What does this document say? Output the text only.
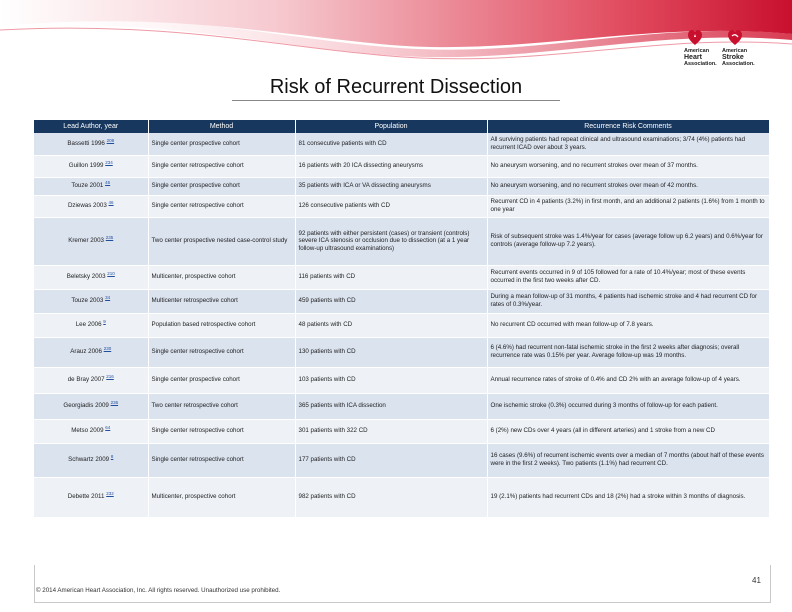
American
Heart
Association.
American
Stroke
Association.
Risk of Recurrent Dissection
Lead Author, year	Method	Population	Recurrence Risk Comments
Bassetti 1996 $^{208}$	Single center prospective cohort	81 consecutive patients with CD	All surviving patients had repeat clinical and ultrasound examinations; 3/74 (4%) patients had recurrent ICAD over about 3 years.
Guillon 1999 $^{234}$	Single center retrospective cohort	16 patients with 20 ICA dissecting aneurysms	No aneurysm worsening, and no recurrent strokes over mean of 37 months.
Touze 2001 $^{45}$	Single center prospective cohort	35 patients with ICA or VA dissecting aneurysms	No aneurysm worsening, and no recurrent strokes over mean of 42 months.
Dziewas 2003 $^{46}$	Single center retrospective cohort	126 consecutive patients with CD	Recurrent CD in 4 patients (3.2%) in first month, and an additional 2 patients (1.6%) from 1 month to one year
Kremer 2003 $^{235}$	Two center prospective nested case-control study	92 patients with either persistent (cases) or transient (controls) severe ICA stenosis or occlusion due to dissection (at a 1 year follow-up ultrasound examinations)	Risk of subsequent stroke was 1.4%/year for cases (average follow up 6.2 years) and 0.6%/year for controls (average follow-up 7.2 years).
Beletsky 2003 $^{210}$	Multicenter, prospective cohort	116 patients with CD	Recurrent events occurred in 9 of 105 followed for a rate of 10.4%/year; most of these events occurred in the first two weeks after CD.
Touze 2003 $^{34}$	Multicenter retrospective cohort	459 patients with CD	During a mean follow-up of 31 months, 4 patients had ischemic stroke and 4 had recurrent CD for rates of 0.3%/year.
Lee 2006 $^9$	Population based retrospective cohort	48 patients with CD	No recurrent CD occurred with mean follow-up of 7.8 years.
Arauz 2006 $^{230}$	Single center retrospective cohort	130 patients with CD	6 (4.6%) had recurrent non-fatal ischemic stroke in the first 2 weeks after diagnosis; overall recurrence rate was 0.15% per year. Average follow-up was 19 months.
de Bray 2007 $^{216}$	Single center prospective cohort	103 patients with CD	Annual recurrence rates of stroke of 0.4% and CD 2% with an average follow-up of 4 years.
Georgiadis 2009 $^{236}$	Two center retrospective cohort	365 patients with ICA dissection	One ischemic stroke (0.3%) occurred during 3 months of follow-up for each patient.
Metso 2009 $^{64}$	Single center retrospective cohort	301 patients with 322 CD	6 (2%) new CDs over 4 years (all in different arteries) and 1 stroke from a new CD
Schwartz 2009 $^8$	Single center retrospective cohort	177 patients with CD	16 cases (9.6%) of recurrent ischemic events over a median of 7 months (about half of these events were in the first 2 weeks). Two patients (1.1%) had recurrent CD.
Debette 2011 $^{232}$	Multicenter, prospective cohort	982 patients with CD	19 (2.1%) patients had recurrent CDs and 18 (2%) had a stroke within 3 months of diagnosis.
© 2014 American Heart Association, Inc. All rights reserved. Unauthorized use prohibited.
41
